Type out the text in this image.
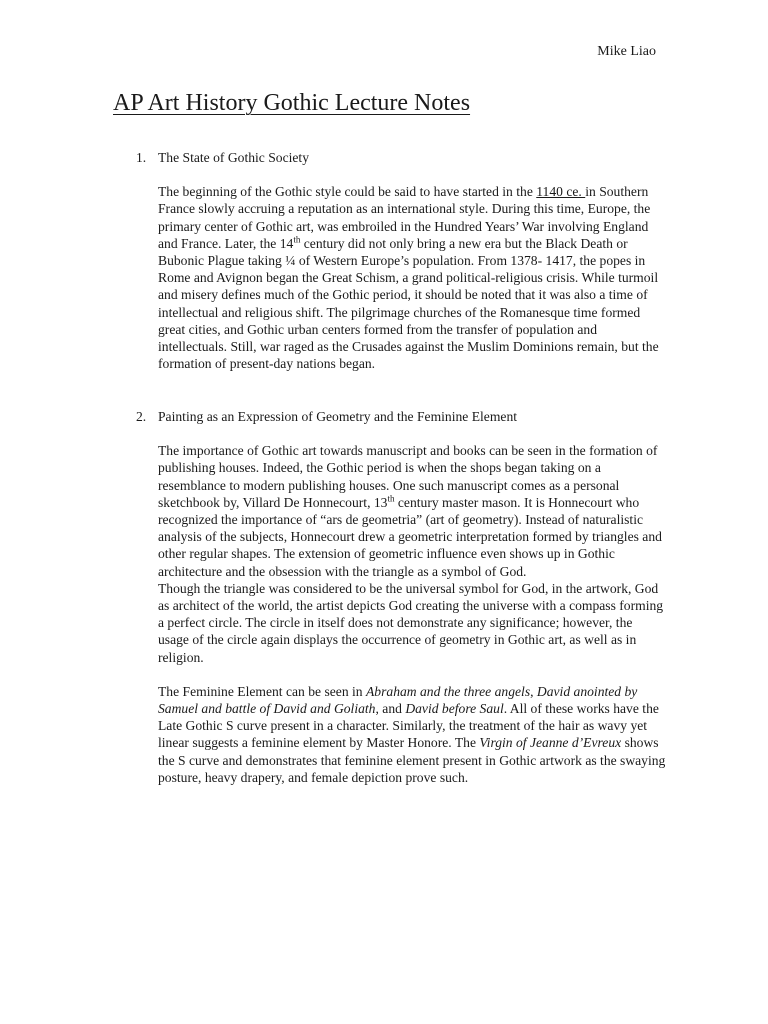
Mike Liao
AP Art History Gothic Lecture Notes
1. The State of Gothic Society

The beginning of the Gothic style could be said to have started in the 1140 ce. in Southern France slowly accruing a reputation as an international style. During this time, Europe, the primary center of Gothic art, was embroiled in the Hundred Years’ War involving England and France. Later, the 14th century did not only bring a new era but the Black Death or Bubonic Plague taking ¼ of Western Europe’s population. From 1378- 1417, the popes in Rome and Avignon began the Great Schism, a grand political-religious crisis. While turmoil and misery defines much of the Gothic period, it should be noted that it was also a time of intellectual and religious shift. The pilgrimage churches of the Romanesque time formed great cities, and Gothic urban centers formed from the transfer of population and intellectuals. Still, war raged as the Crusades against the Muslim Dominions remain, but the formation of present-day nations began.

2. Painting as an Expression of Geometry and the Feminine Element

The importance of Gothic art towards manuscript and books can be seen in the formation of publishing houses. Indeed, the Gothic period is when the shops began taking on a resemblance to modern publishing houses. One such manuscript comes as a personal sketchbook by, Villard De Honnecourt, 13th century master mason. It is Honnecourt who recognized the importance of “ars de geometria” (art of geometry). Instead of naturalistic analysis of the subjects, Honnecourt drew a geometric interpretation formed by triangles and other regular shapes. The extension of geometric influence even shows up in Gothic architecture and the obsession with the triangle as a symbol of God.

Though the triangle was considered to be the universal symbol for God, in the artwork, God as architect of the world, the artist depicts God creating the universe with a compass forming a perfect circle. The circle in itself does not demonstrate any significance; however, the usage of the circle again displays the occurrence of geometry in Gothic art, as well as in religion.

The Feminine Element can be seen in Abraham and the three angels, David anointed by Samuel and battle of David and Goliath, and David before Saul. All of these works have the Late Gothic S curve present in a character. Similarly, the treatment of the hair as wavy yet linear suggests a feminine element by Master Honore. The Virgin of Jeanne d’Evreux shows the S curve and demonstrates that feminine element present in Gothic artwork as the swaying posture, heavy drapery, and female depiction prove such.
